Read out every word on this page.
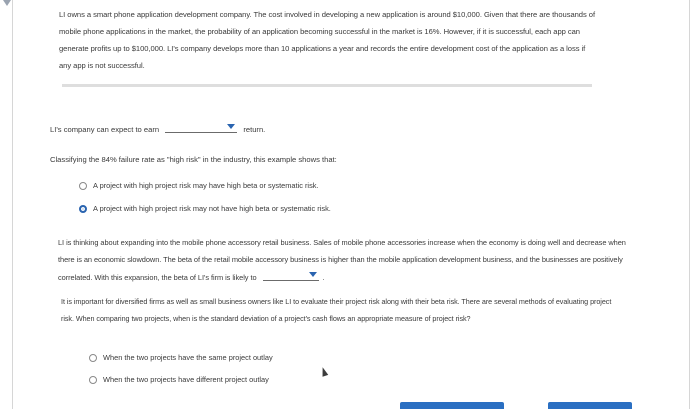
LI owns a smart phone application development company. The cost involved in developing a new application is around $10,000. Given that there are thousands of mobile phone applications in the market, the probability of an application becoming successful in the market is 16%. However, if it is successful, each app can generate profits up to $100,000. LI's company develops more than 10 applications a year and records the entire development cost of the application as a loss if any app is not successful.
LI's company can expect to earn	return.
Classifying the 84% failure rate as "high risk" in the industry, this example shows that:
A project with high project risk may have high beta or systematic risk.
A project with high project risk may not have high beta or systematic risk.
LI is thinking about expanding into the mobile phone accessory retail business. Sales of mobile phone accessories increase when the economy is doing well and decrease when there is an economic slowdown. The beta of the retail mobile accessory business is higher than the mobile application development business, and the businesses are positively correlated. With this expansion, the beta of LI's firm is likely to	.
It is important for diversified firms as well as small business owners like LI to evaluate their project risk along with their beta risk. There are several methods of evaluating project risk. When comparing two projects, when is the standard deviation of a project's cash flows an appropriate measure of project risk?
When the two projects have the same project outlay
When the two projects have different project outlay
